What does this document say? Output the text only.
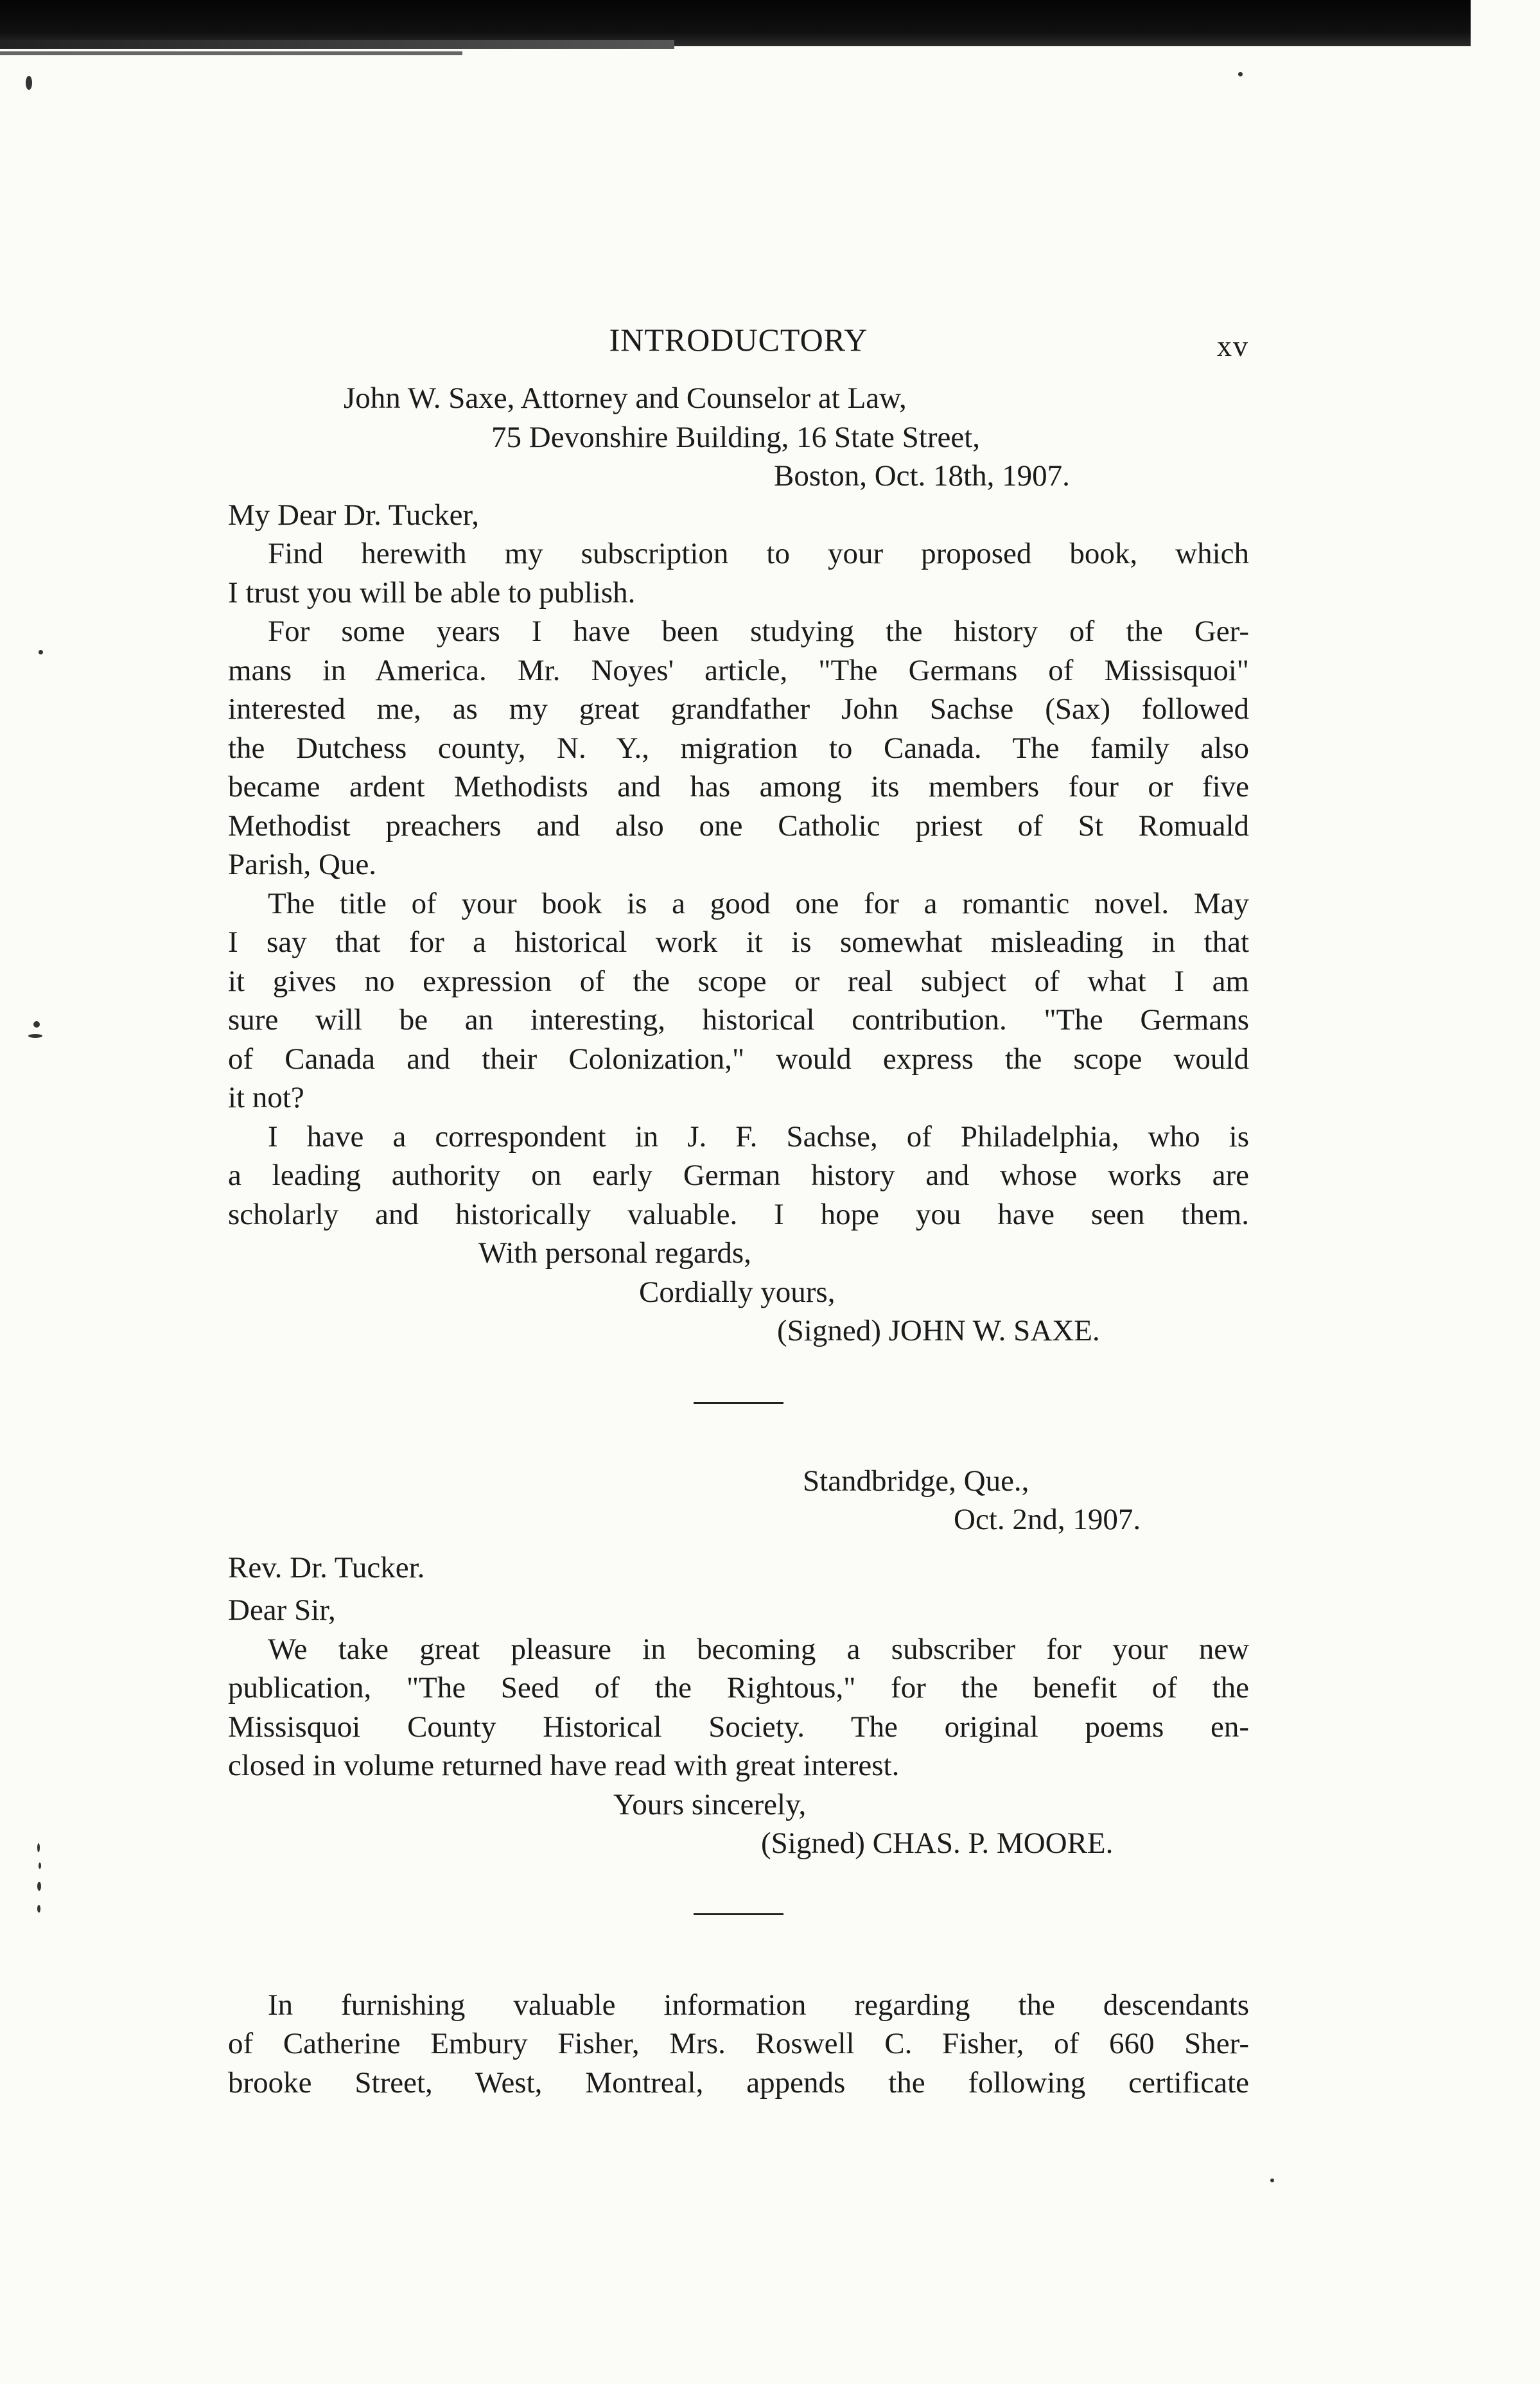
INTRODUCTORY	xv
John W. Saxe, Attorney and Counselor at Law,
75 Devonshire Building, 16 State Street,
Boston, Oct. 18th, 1907.
My Dear Dr. Tucker,
Find herewith my subscription to your proposed book, which
I trust you will be able to publish.
For some years I have been studying the history of the Ger-
mans in America. Mr. Noyes' article, "The Germans of Missisquoi"
interested me, as my great grandfather John Sachse (Sax) followed
the Dutchess county, N. Y., migration to Canada. The family also
became ardent Methodists and has among its members four or five
Methodist preachers and also one Catholic priest of St Romuald
Parish, Que.
The title of your book is a good one for a romantic novel. May
I say that for a historical work it is somewhat misleading in that
it gives no expression of the scope or real subject of what I am
sure will be an interesting, historical contribution. "The Germans
of Canada and their Colonization," would express the scope would
it not?
I have a correspondent in J. F. Sachse, of Philadelphia, who is
a leading authority on early German history and whose works are
scholarly and historically valuable. I hope you have seen them.
With personal regards,
Cordially yours,
(Signed) JOHN W. SAXE.
Standbridge, Que.,
Oct. 2nd, 1907.
Rev. Dr. Tucker.
Dear Sir,
We take great pleasure in becoming a subscriber for your new
publication, "The Seed of the Rightous," for the benefit of the
Missisquoi County Historical Society. The original poems en-
closed in volume returned have read with great interest.
Yours sincerely,
(Signed) CHAS. P. MOORE.
In furnishing valuable information regarding the descendants
of Catherine Embury Fisher, Mrs. Roswell C. Fisher, of 660 Sher-
brooke Street, West, Montreal, appends the following certificate
